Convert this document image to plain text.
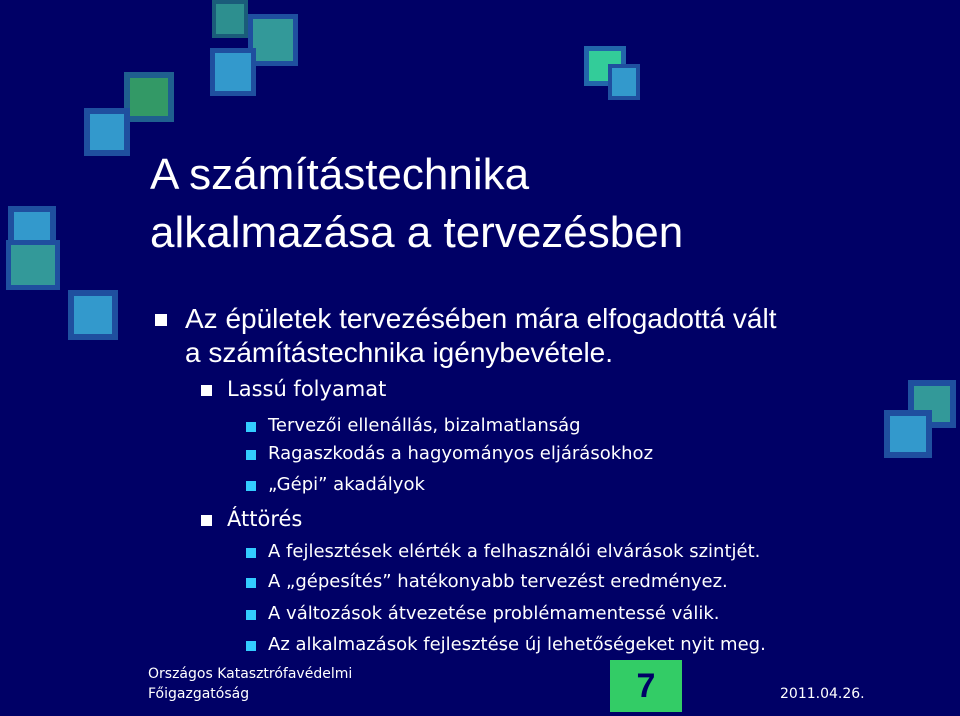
A számítástechnika
alkalmazása a tervezésben
Az épületek tervezésében mára elfogadottá vált
a számítástechnika igénybevétele.
Lassú folyamat
Tervezői ellenállás, bizalmatlanság
Ragaszkodás a hagyományos eljárásokhoz
„Gépi” akadályok
Áttörés
A fejlesztések elérték a felhasználói elvárások szintjét.
A „gépesítés” hatékonyabb tervezést eredményez.
A változások átvezetése problémamentessé válik.
Az alkalmazások fejlesztése új lehetőségeket nyit meg.
Országos Katasztrófavédelmi
Főigazgatóság	7	2011.04.26.
